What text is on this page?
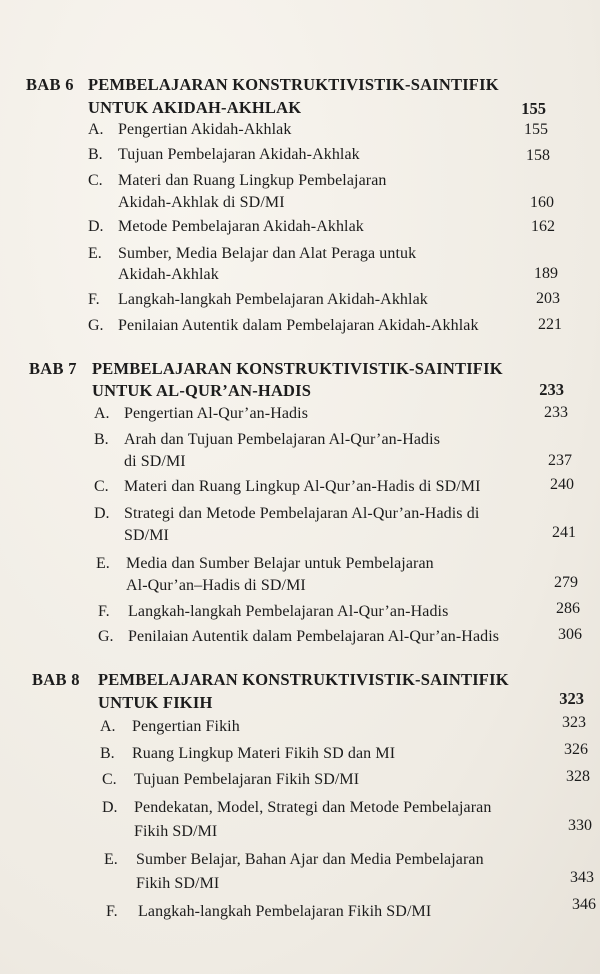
BAB 6 PEMBELAJARAN KONSTRUKTIVISTIK-SAINTIFIK
UNTUK AKIDAH-AKHLAK	155
A. Pengertian Akidah-Akhlak	155
B. Tujuan Pembelajaran Akidah-Akhlak	158
C. Materi dan Ruang Lingkup Pembelajaran
Akidah-Akhlak di SD/MI	160
D. Metode Pembelajaran Akidah-Akhlak	162
E. Sumber, Media Belajar dan Alat Peraga untuk
Akidah-Akhlak	189
F. Langkah-langkah Pembelajaran Akidah-Akhlak	203
G. Penilaian Autentik dalam Pembelajaran Akidah-Akhlak	221
BAB 7 PEMBELAJARAN KONSTRUKTIVISTIK-SAINTIFIK
UNTUK AL-QUR’AN-HADIS	233
A. Pengertian Al-Qur’an-Hadis	233
B. Arah dan Tujuan Pembelajaran Al-Qur’an-Hadis
di SD/MI	237
C. Materi dan Ruang Lingkup Al-Qur’an-Hadis di SD/MI	240
D. Strategi dan Metode Pembelajaran Al-Qur’an-Hadis di
SD/MI	241
E. Media dan Sumber Belajar untuk Pembelajaran
Al-Qur’an–Hadis di SD/MI	279
F. Langkah-langkah Pembelajaran Al-Qur’an-Hadis	286
G. Penilaian Autentik dalam Pembelajaran Al-Qur’an-Hadis	306
BAB 8 PEMBELAJARAN KONSTRUKTIVISTIK-SAINTIFIK
UNTUK FIKIH	323
A. Pengertian Fikih	323
B. Ruang Lingkup Materi Fikih SD dan MI	326
C. Tujuan Pembelajaran Fikih SD/MI	328
D. Pendekatan, Model, Strategi dan Metode Pembelajaran
Fikih SD/MI	330
E. Sumber Belajar, Bahan Ajar dan Media Pembelajaran
Fikih SD/MI	343
F. Langkah-langkah Pembelajaran Fikih SD/MI	346
